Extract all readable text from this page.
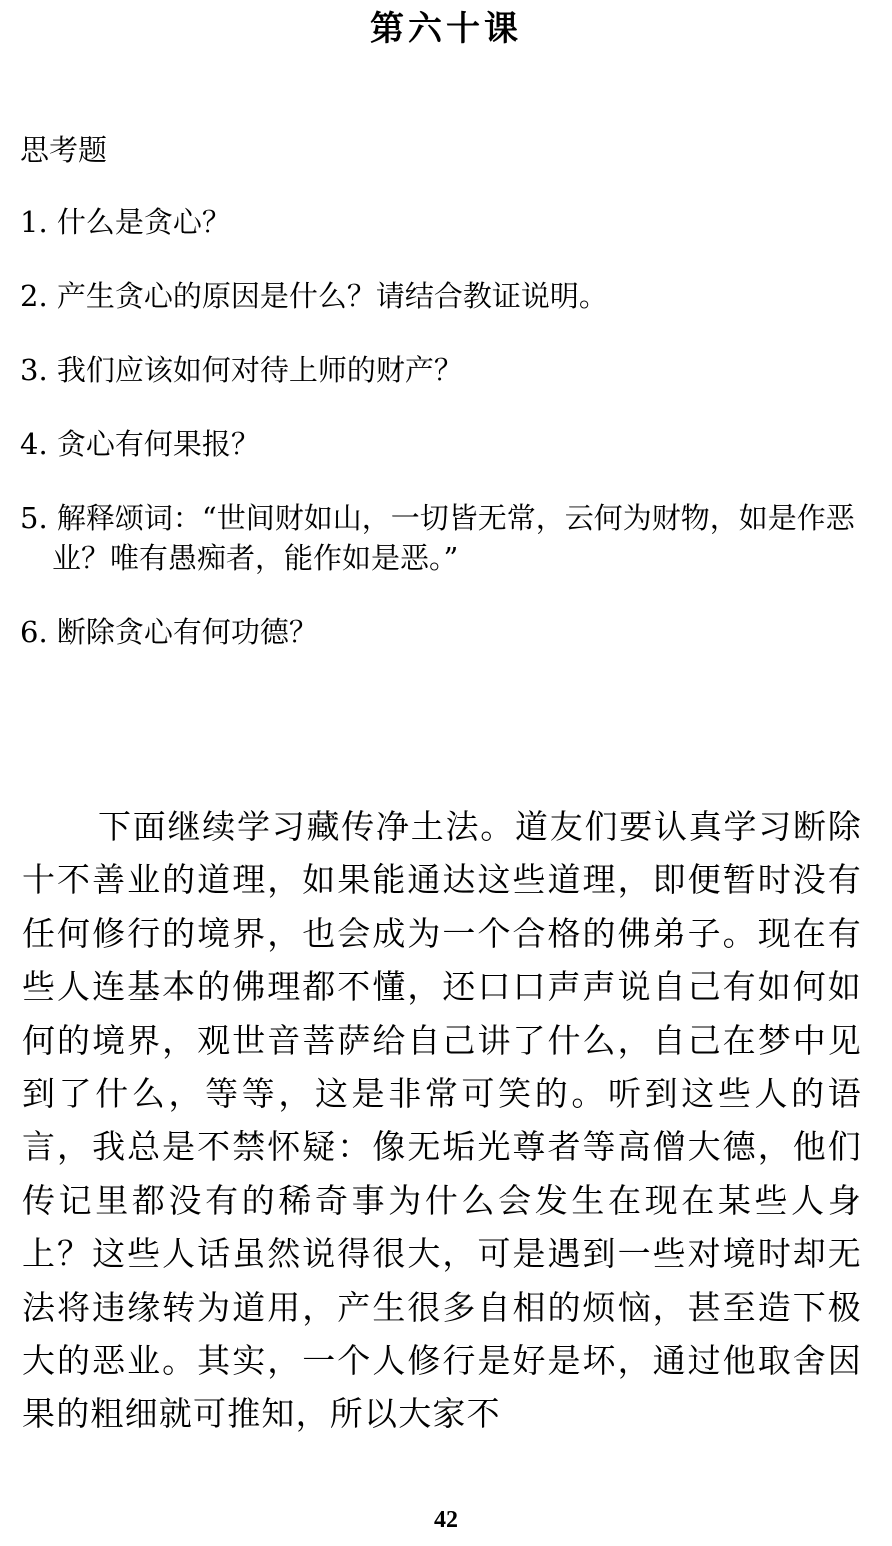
第六十课
思考题
1. 什么是贪心？
2. 产生贪心的原因是什么？请结合教证说明。
3. 我们应该如何对待上师的财产？
4. 贪心有何果报？
5. 解释颂词：“世间财如山，一切皆无常，云何为财物，如是作恶业？唯有愚痴者，能作如是恶。”
6. 断除贪心有何功德？

下面继续学习藏传净土法。道友们要认真学习断除十不善业的道理，如果能通达这些道理，即便暂时没有任何修行的境界，也会成为一个合格的佛弟子。现在有些人连基本的佛理都不懂，还口口声声说自己有如何如何的境界，观世音菩萨给自己讲了什么，自己在梦中见到了什么，等等，这是非常可笑的。听到这些人的语言，我总是不禁怀疑：像无垢光尊者等高僧大德，他们传记里都没有的稀奇事为什么会发生在现在某些人身上？这些人话虽然说得很大，可是遇到一些对境时却无法将违缘转为道用，产生很多自相的烦恼，甚至造下极大的恶业。其实，一个人修行是好是坏，通过他取舍因果的粗细就可推知，所以大家不

42
